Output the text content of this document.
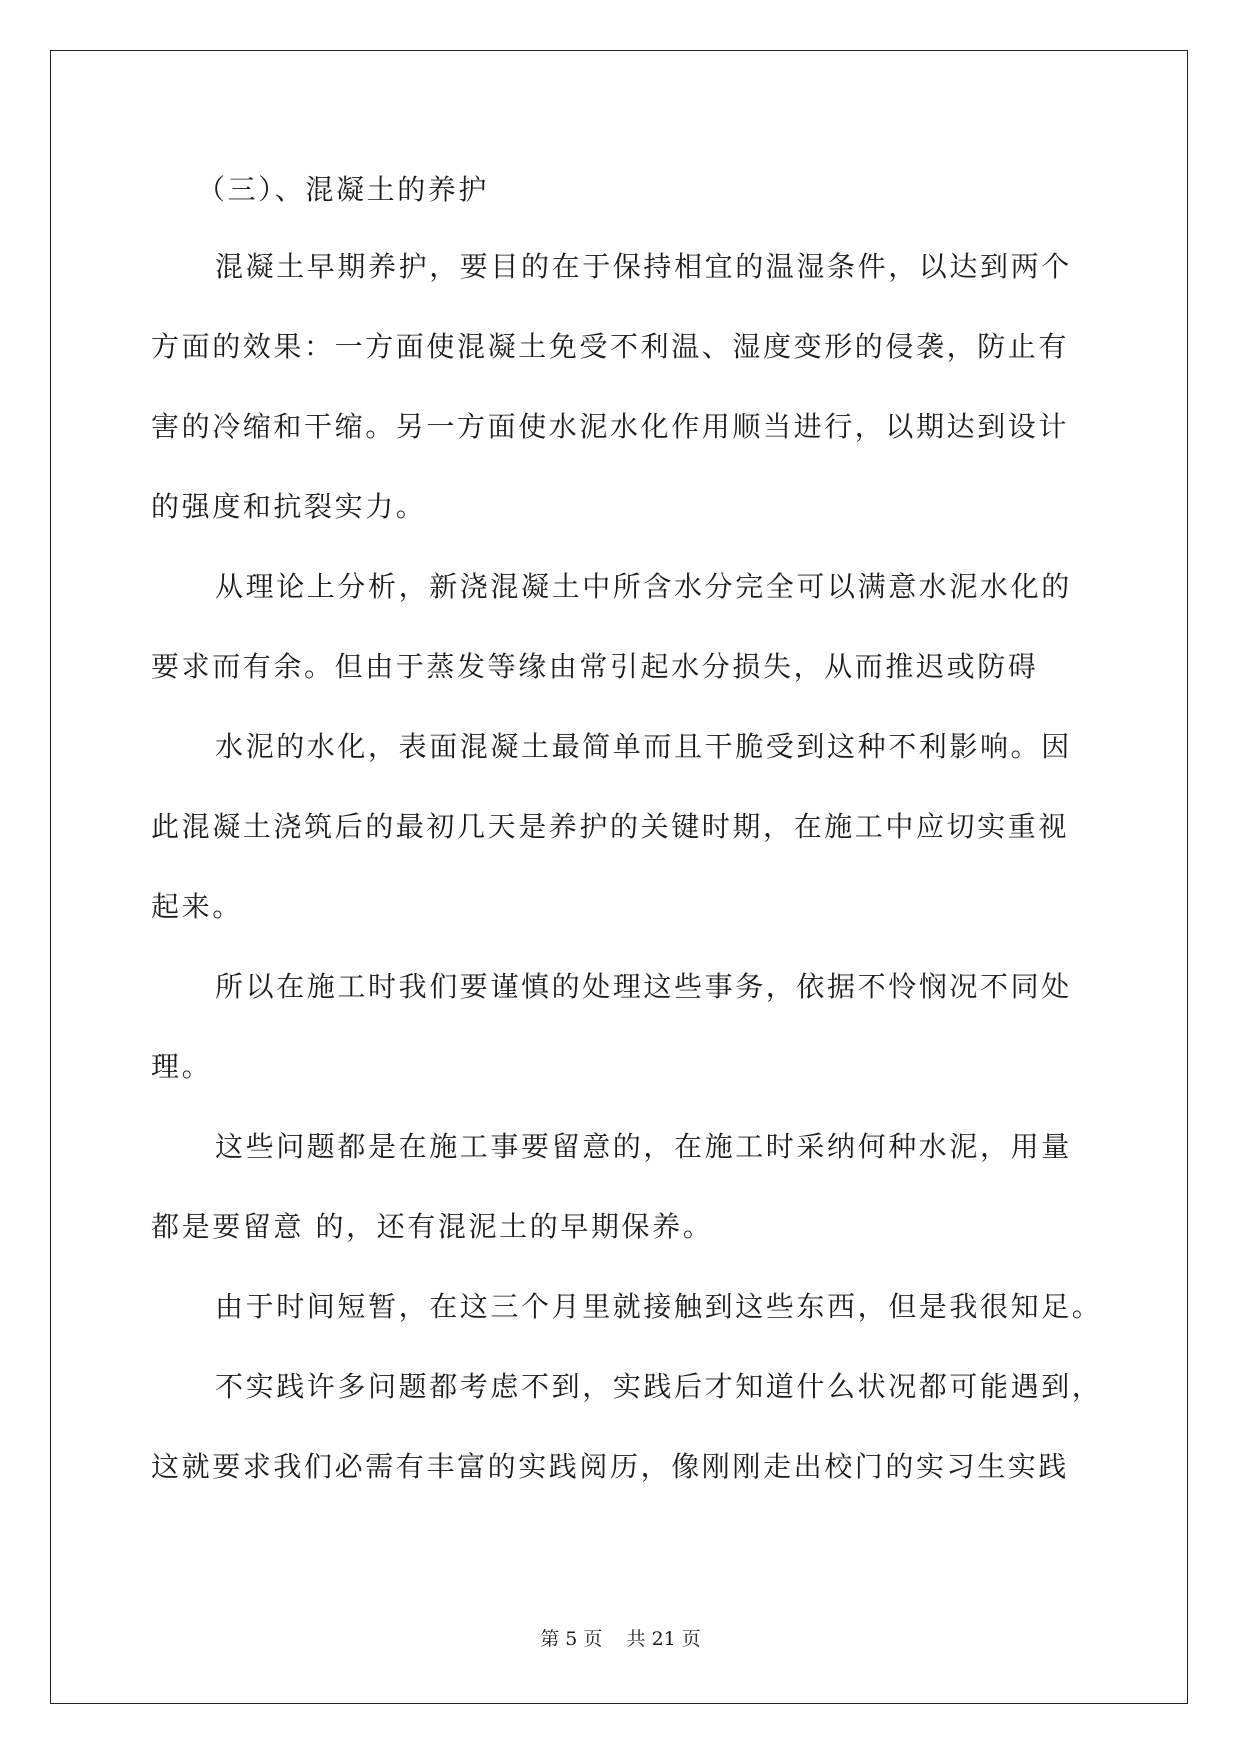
（三）、混凝土的养护
混凝土早期养护，要目的在于保持相宜的温湿条件，以达到两个
方面的效果：一方面使混凝土免受不利温、湿度变形的侵袭，防止有
害的冷缩和干缩。另一方面使水泥水化作用顺当进行，以期达到设计
的强度和抗裂实力。
从理论上分析，新浇混凝土中所含水分完全可以满意水泥水化的
要求而有余。但由于蒸发等缘由常引起水分损失，从而推迟或防碍
水泥的水化，表面混凝土最简单而且干脆受到这种不利影响。因
此混凝土浇筑后的最初几天是养护的关键时期，在施工中应切实重视
起来。
所以在施工时我们要谨慎的处理这些事务，依据不怜悯况不同处
理。
这些问题都是在施工事要留意的，在施工时采纳何种水泥，用量
都是要留意 的，还有混泥土的早期保养。
由于时间短暂，在这三个月里就接触到这些东西，但是我很知足。
不实践许多问题都考虑不到，实践后才知道什么状况都可能遇到，
这就要求我们必需有丰富的实践阅历，像刚刚走出校门的实习生实践
第 5 页    共 21 页
